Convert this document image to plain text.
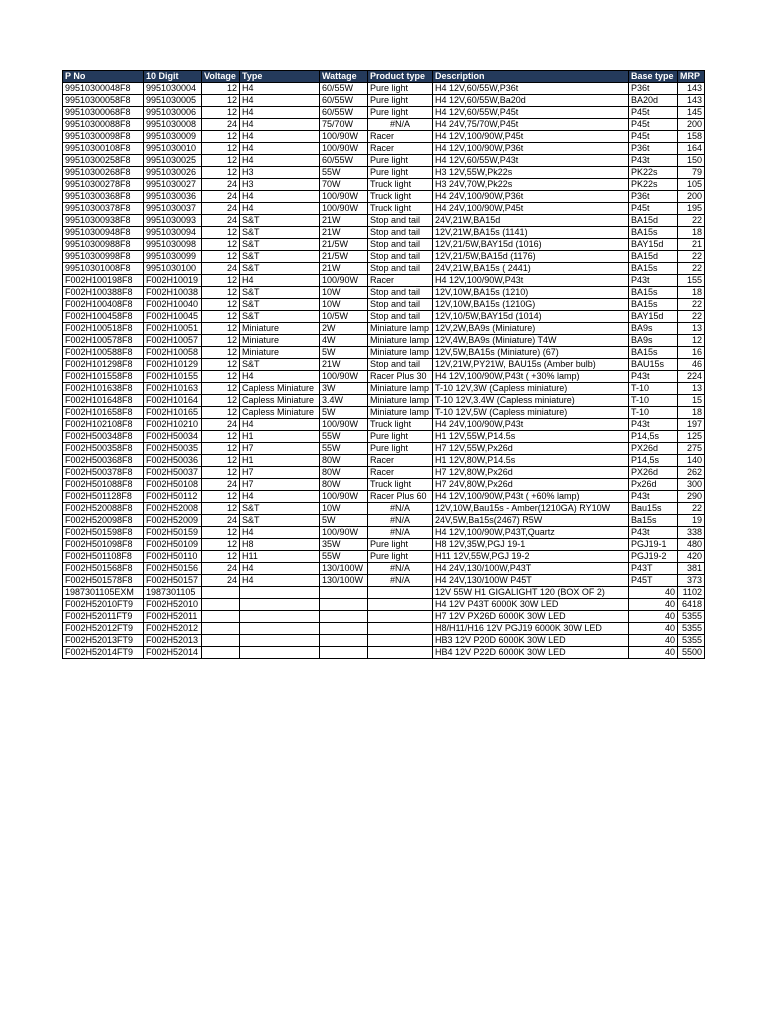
P No	10 Digit	Voltage	Type	Wattage	Product type	Description	Base type	MRP
99510300048F8	9951030004	12	H4	60/55W	Pure light	H4 12V,60/55W,P36t	P36t	143
99510300058F8	9951030005	12	H4	60/55W	Pure light	H4 12V,60/55W,Ba20d	BA20d	143
99510300068F8	9951030006	12	H4	60/55W	Pure light	H4 12V,60/55W,P45t	P45t	145
99510300088F8	9951030008	24	H4	75/70W	#N/A	H4 24V,75/70W,P45t	P45t	200
99510300098F8	9951030009	12	H4	100/90W	Racer	H4 12V,100/90W,P45t	P45t	158
99510300108F8	9951030010	12	H4	100/90W	Racer	H4 12V,100/90W,P36t	P36t	164
99510300258F8	9951030025	12	H4	60/55W	Pure light	H4 12V,60/55W,P43t	P43t	150
99510300268F8	9951030026	12	H3	55W	Pure light	H3 12V,55W,Pk22s	PK22s	79
99510300278F8	9951030027	24	H3	70W	Truck light	H3 24V,70W,Pk22s	PK22s	105
99510300368F8	9951030036	24	H4	100/90W	Truck light	H4 24V,100/90W,P36t	P36t	200
99510300378F8	9951030037	24	H4	100/90W	Truck light	H4 24V,100/90W,P45t	P45t	195
99510300938F8	9951030093	24	S&T	21W	Stop and tail	24V,21W,BA15d	BA15d	22
99510300948F8	9951030094	12	S&T	21W	Stop and tail	12V,21W,BA15s (1141)	BA15s	18
99510300988F8	9951030098	12	S&T	21/5W	Stop and tail	12V,21/5W,BAY15d (1016)	BAY15d	21
99510300998F8	9951030099	12	S&T	21/5W	Stop and tail	12V,21/5W,BA15d (1176)	BA15d	22
99510301008F8	9951030100	24	S&T	21W	Stop and tail	24V,21W,BA15s ( 2441)	BA15s	22
F002H100198F8	F002H10019	12	H4	100/90W	Racer	H4 12V,100/90W,P43t	P43t	155
F002H100388F8	F002H10038	12	S&T	10W	Stop and tail	12V,10W,BA15s (1210)	BA15s	18
F002H100408F8	F002H10040	12	S&T	10W	Stop and tail	12V,10W,BA15s (1210G)	BA15s	22
F002H100458F8	F002H10045	12	S&T	10/5W	Stop and tail	12V,10/5W,BAY15d (1014)	BAY15d	22
F002H100518F8	F002H10051	12	Miniature	2W	Miniature lamp	12V,2W,BA9s (Miniature)	BA9s	13
F002H100578F8	F002H10057	12	Miniature	4W	Miniature lamp	12V,4W,BA9s (Miniature) T4W	BA9s	12
F002H100588F8	F002H10058	12	Miniature	5W	Miniature lamp	12V,5W,BA15s (Miniature) (67)	BA15s	16
F002H101298F8	F002H10129	12	S&T	21W	Stop and tail	12V,21W,PY21W, BAU15s (Amber bulb)	BAU15s	46
F002H101558F8	F002H10155	12	H4	100/90W	Racer Plus 30	H4 12V,100/90W,P43t ( +30% lamp)	P43t	224
F002H101638F8	F002H10163	12	Capless Miniature	3W	Miniature lamp	T-10 12V,3W (Capless miniature)	T-10	13
F002H101648F8	F002H10164	12	Capless Miniature	3.4W	Miniature lamp	T-10 12V,3.4W (Capless miniature)	T-10	15
F002H101658F8	F002H10165	12	Capless Miniature	5W	Miniature lamp	T-10 12V,5W (Capless miniature)	T-10	18
F002H102108F8	F002H10210	24	H4	100/90W	Truck light	H4 24V,100/90W,P43t	P43t	197
F002H500348F8	F002H50034	12	H1	55W	Pure light	H1 12V,55W,P14.5s	P14,5s	125
F002H500358F8	F002H50035	12	H7	55W	Pure light	H7 12V,55W,Px26d	PX26d	275
F002H500368F8	F002H50036	12	H1	80W	Racer	H1 12V,80W,P14.5s	P14,5s	140
F002H500378F8	F002H50037	12	H7	80W	Racer	H7 12V,80W,Px26d	PX26d	262
F002H501088F8	F002H50108	24	H7	80W	Truck light	H7 24V,80W,Px26d	Px26d	300
F002H501128F8	F002H50112	12	H4	100/90W	Racer Plus 60	H4 12V,100/90W,P43t ( +60% lamp)	P43t	290
F002H520088F8	F002H52008	12	S&T	10W	#N/A	12V,10W,Bau15s - Amber(1210GA) RY10W	Bau15s	22
F002H520098F8	F002H52009	24	S&T	5W	#N/A	24V,5W,Ba15s(2467) R5W	Ba15s	19
F002H501598F8	F002H50159	12	H4	100/90W	#N/A	H4 12V,100/90W,P43T,Quartz	P43t	338
F002H501098F8	F002H50109	12	H8	35W	Pure light	H8 12V,35W,PGJ 19-1	PGJ19-1	480
F002H501108F8	F002H50110	12	H11	55W	Pure light	H11 12V,55W,PGJ 19-2	PGJ19-2	420
F002H501568F8	F002H50156	24	H4	130/100W	#N/A	H4 24V,130/100W,P43T	P43T	381
F002H501578F8	F002H50157	24	H4	130/100W	#N/A	H4 24V,130/100W P45T	P45T	373
1987301105EXM	1987301105					12V 55W H1 GIGALIGHT 120 (BOX OF 2)	40	1102
F002H52010FT9	F002H52010					H4 12V P43T 6000K 30W LED	40	6418
F002H52011FT9	F002H52011					H7 12V PX26D 6000K 30W LED	40	5355
F002H52012FT9	F002H52012					H8/H11/H16 12V PGJ19 6000K 30W LED	40	5355
F002H52013FT9	F002H52013					HB3 12V P20D 6000K 30W LED	40	5355
F002H52014FT9	F002H52014					HB4 12V P22D 6000K 30W LED	40	5500
